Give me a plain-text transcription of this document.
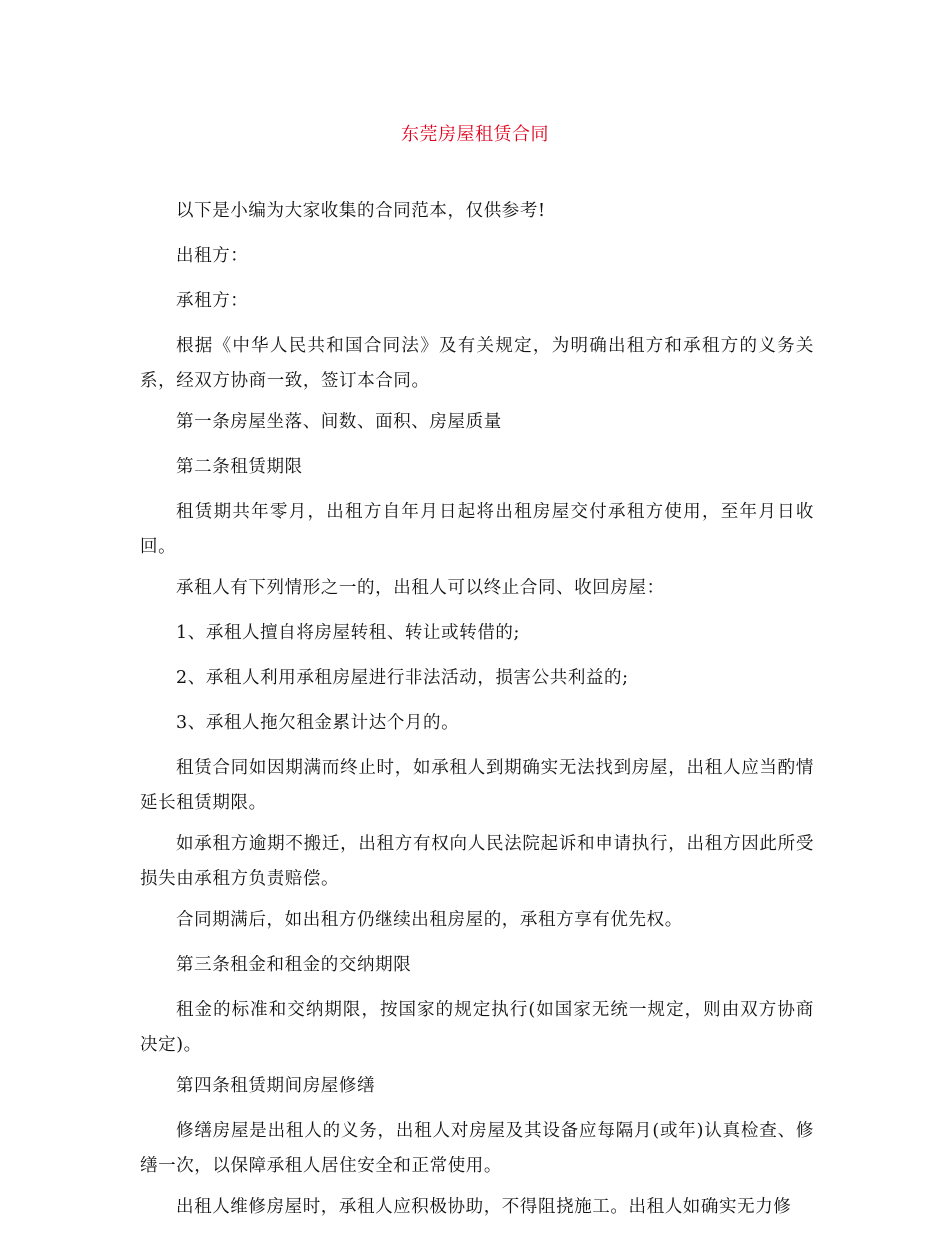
东莞房屋租赁合同

以下是小编为大家收集的合同范本，仅供参考!

出租方：

承租方：

根据《中华人民共和国合同法》及有关规定，为明确出租方和承租方的义务关系，经双方协商一致，签订本合同。

第一条房屋坐落、间数、面积、房屋质量

第二条租赁期限

租赁期共年零月，出租方自年月日起将出租房屋交付承租方使用，至年月日收回。

承租人有下列情形之一的，出租人可以终止合同、收回房屋：

1、承租人擅自将房屋转租、转让或转借的;

2、承租人利用承租房屋进行非法活动，损害公共利益的;

3、承租人拖欠租金累计达个月的。

租赁合同如因期满而终止时，如承租人到期确实无法找到房屋，出租人应当酌情延长租赁期限。

如承租方逾期不搬迁，出租方有权向人民法院起诉和申请执行，出租方因此所受损失由承租方负责赔偿。

合同期满后，如出租方仍继续出租房屋的，承租方享有优先权。

第三条租金和租金的交纳期限

租金的标准和交纳期限，按国家的规定执行(如国家无统一规定，则由双方协商决定)。

第四条租赁期间房屋修缮

修缮房屋是出租人的义务，出租人对房屋及其设备应每隔月(或年)认真检查、修缮一次，以保障承租人居住安全和正常使用。

出租人维修房屋时，承租人应积极协助，不得阻挠施工。出租人如确实无力修
